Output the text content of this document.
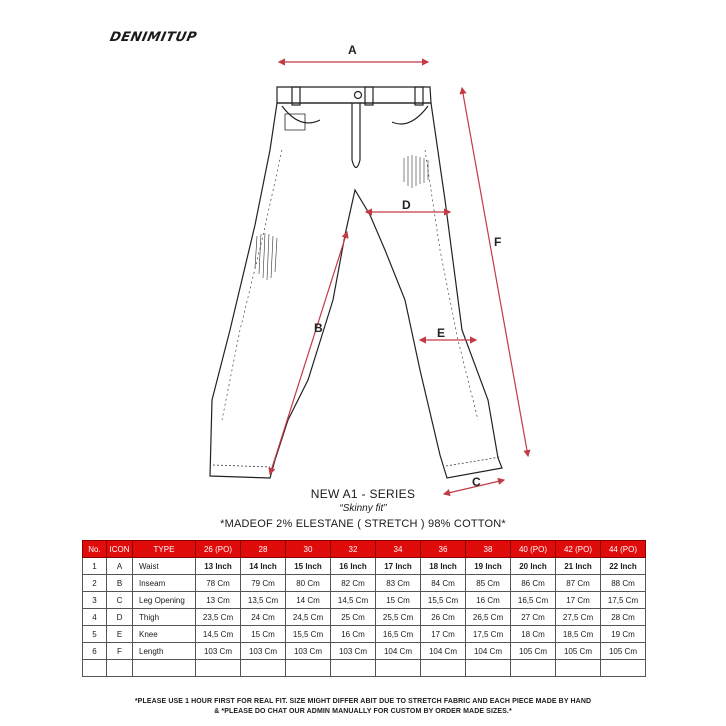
DENIMITUP
A
D
E
F
B
C
NEW A1 - SERIES
“Skinny fit”
*MADEOF 2% ELESTANE ( STRETCH ) 98% COTTON*
No.	ICON	TYPE	26 (PO)	28	30	32	34	36	38	40 (PO)	42 (PO)	44 (PO)
1	A	Waist	13 Inch	14 Inch	15 Inch	16 Inch	17 Inch	18 Inch	19 Inch	20 Inch	21 Inch	22 Inch
2	B	Inseam	78 Cm	79 Cm	80 Cm	82 Cm	83 Cm	84 Cm	85 Cm	86 Cm	87 Cm	88 Cm
3	C	Leg Opening	13 Cm	13,5 Cm	14 Cm	14,5 Cm	15 Cm	15,5 Cm	16 Cm	16,5 Cm	17 Cm	17,5 Cm
4	D	Thigh	23,5 Cm	24 Cm	24,5 Cm	25 Cm	25,5 Cm	26 Cm	26,5 Cm	27 Cm	27,5 Cm	28 Cm
5	E	Knee	14,5 Cm	15 Cm	15,5 Cm	16 Cm	16,5 Cm	17 Cm	17,5 Cm	18 Cm	18,5 Cm	19 Cm
6	F	Length	103 Cm	103 Cm	103 Cm	103 Cm	104 Cm	104 Cm	104 Cm	105 Cm	105 Cm	105 Cm

*PLEASE USE 1 HOUR FIRST FOR REAL FIT. SIZE MIGHT DIFFER ABIT DUE TO STRETCH FABRIC AND EACH PIECE MADE BY HAND
& *PLEASE DO CHAT OUR ADMIN MANUALLY FOR CUSTOM BY ORDER MADE SIZES.*
